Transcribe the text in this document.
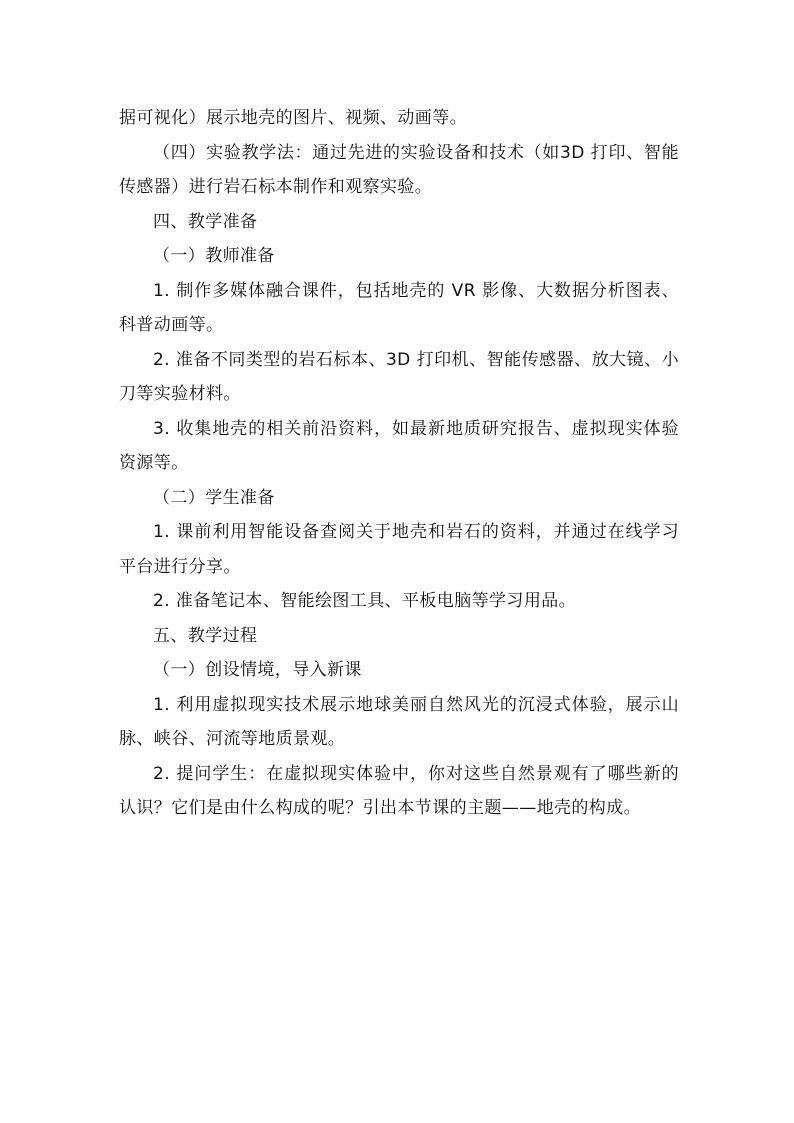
据可视化）展示地壳的图片、视频、动画等。

（四）实验教学法：通过先进的实验设备和技术（如3D 打印、智能传感器）进行岩石标本制作和观察实验。

四、教学准备

（一）教师准备

1. 制作多媒体融合课件，包括地壳的 VR 影像、大数据分析图表、科普动画等。

2. 准备不同类型的岩石标本、3D 打印机、智能传感器、放大镜、小刀等实验材料。

3. 收集地壳的相关前沿资料，如最新地质研究报告、虚拟现实体验资源等。

（二）学生准备

1. 课前利用智能设备查阅关于地壳和岩石的资料，并通过在线学习平台进行分享。

2. 准备笔记本、智能绘图工具、平板电脑等学习用品。

五、教学过程

（一）创设情境，导入新课

1. 利用虚拟现实技术展示地球美丽自然风光的沉浸式体验，展示山脉、峡谷、河流等地质景观。

2. 提问学生：在虚拟现实体验中，你对这些自然景观有了哪些新的认识？它们是由什么构成的呢？引出本节课的主题——地壳的构成。
